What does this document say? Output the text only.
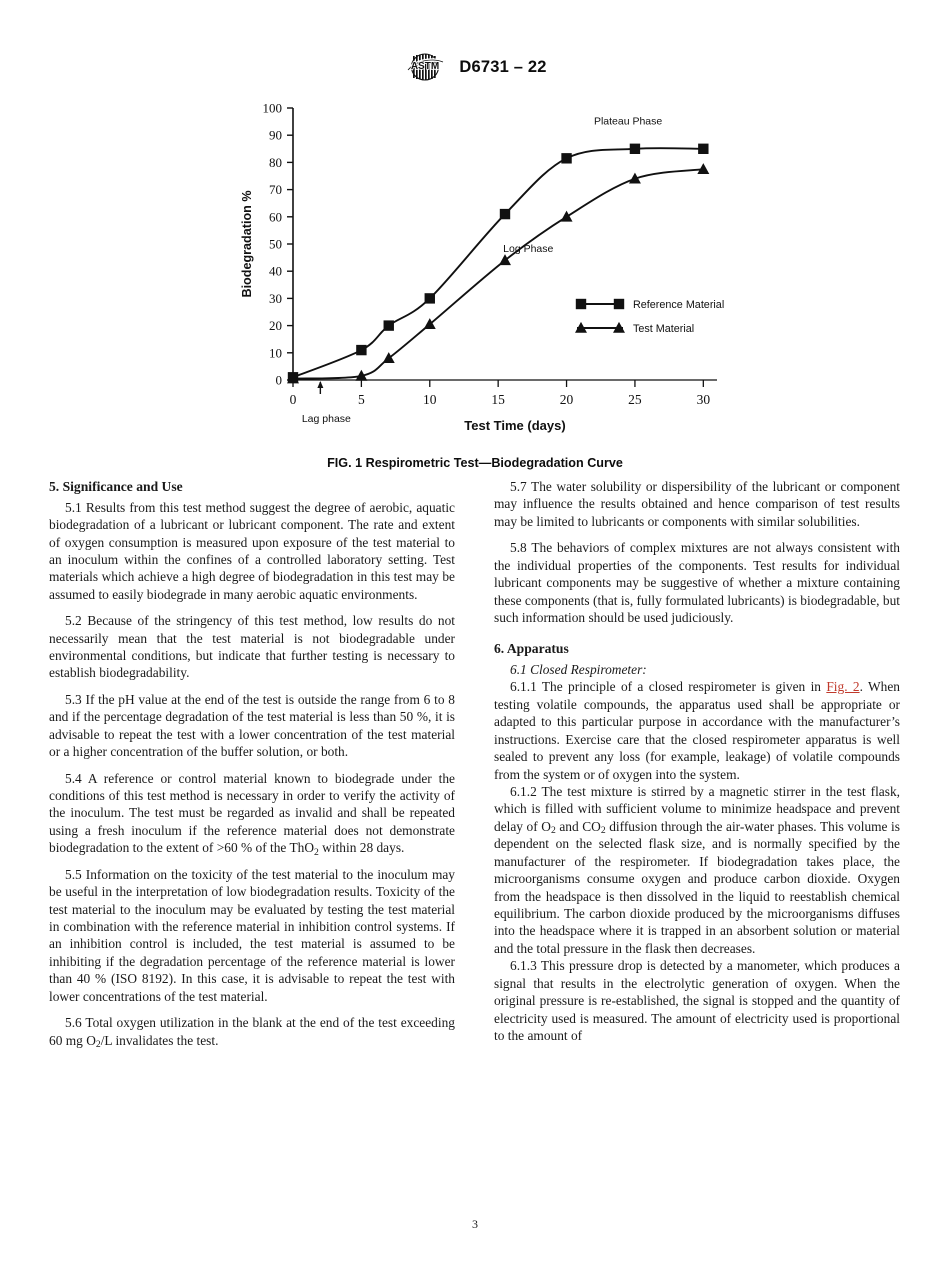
ASTM D6731 – 22
0
10
20
30
40
50
60
70
80
90
100
0	5	10	15	20	25	30
Biodegradation %
Test Time (days)
Plateau Phase
Log Phase
Lag phase
Reference Material
Test Material
FIG. 1 Respirometric Test—Biodegradation Curve
5. Significance and Use

5.1 Results from this test method suggest the degree of aerobic, aquatic biodegradation of a lubricant or lubricant component. The rate and extent of oxygen consumption is measured upon exposure of the test material to an inoculum within the confines of a controlled laboratory setting. Test materials which achieve a high degree of biodegradation in this test may be assumed to easily biodegrade in many aerobic aquatic environments.

5.2 Because of the stringency of this test method, low results do not necessarily mean that the test material is not biodegradable under environmental conditions, but indicate that further testing is necessary to establish biodegradability.

5.3 If the pH value at the end of the test is outside the range from 6 to 8 and if the percentage degradation of the test material is less than 50 %, it is advisable to repeat the test with a lower concentration of the test material or a higher concentration of the buffer solution, or both.

5.4 A reference or control material known to biodegrade under the conditions of this test method is necessary in order to verify the activity of the inoculum. The test must be regarded as invalid and shall be repeated using a fresh inoculum if the reference material does not demonstrate biodegradation to the extent of >60 % of the ThO$_2$ within 28 days.

5.5 Information on the toxicity of the test material to the inoculum may be useful in the interpretation of low biodegradation results. Toxicity of the test material to the inoculum may be evaluated by testing the test material in combination with the reference material in inhibition control systems. If an inhibition control is included, the test material is assumed to be inhibiting if the degradation percentage of the reference material is lower than 40 % (ISO 8192). In this case, it is advisable to repeat the test with lower concentrations of the test material.

5.6 Total oxygen utilization in the blank at the end of the test exceeding 60 mg $O_2/L$ invalidates the test.

5.7 The water solubility or dispersibility of the lubricant or component may influence the results obtained and hence comparison of test results may be limited to lubricants or components with similar solubilities.

5.8 The behaviors of complex mixtures are not always consistent with the individual properties of the components. Test results for individual lubricant components may be suggestive of whether a mixture containing these components (that is, fully formulated lubricants) is biodegradable, but such information should be used judiciously.

6. Apparatus

6.1 Closed Respirometer:

6.1.1 The principle of a closed respirometer is given in Fig. 2. When testing volatile compounds, the apparatus used shall be appropriate or adapted to this particular purpose in accordance with the manufacturer’s instructions. Exercise care that the closed respirometer apparatus is well sealed to prevent any loss (for example, leakage) of volatile compounds from the system or of oxygen into the system.

6.1.2 The test mixture is stirred by a magnetic stirrer in the test flask, which is filled with sufficient volume to minimize headspace and prevent delay of $O_2$ and $CO_2$ diffusion through the air-water phases. This volume is dependent on the selected flask size, and is normally specified by the manufacturer of the respirometer. If biodegradation takes place, the microorganisms consume oxygen and produce carbon dioxide. Oxygen from the headspace is then dissolved in the liquid to reestablish chemical equilibrium. The carbon dioxide produced by the microorganisms diffuses into the headspace where it is trapped in an absorbent solution or material and the total pressure in the flask then decreases.

6.1.3 This pressure drop is detected by a manometer, which produces a signal that results in the electrolytic generation of oxygen. When the original pressure is re-established, the signal is stopped and the quantity of electricity used is measured. The amount of electricity used is proportional to the amount of

3
